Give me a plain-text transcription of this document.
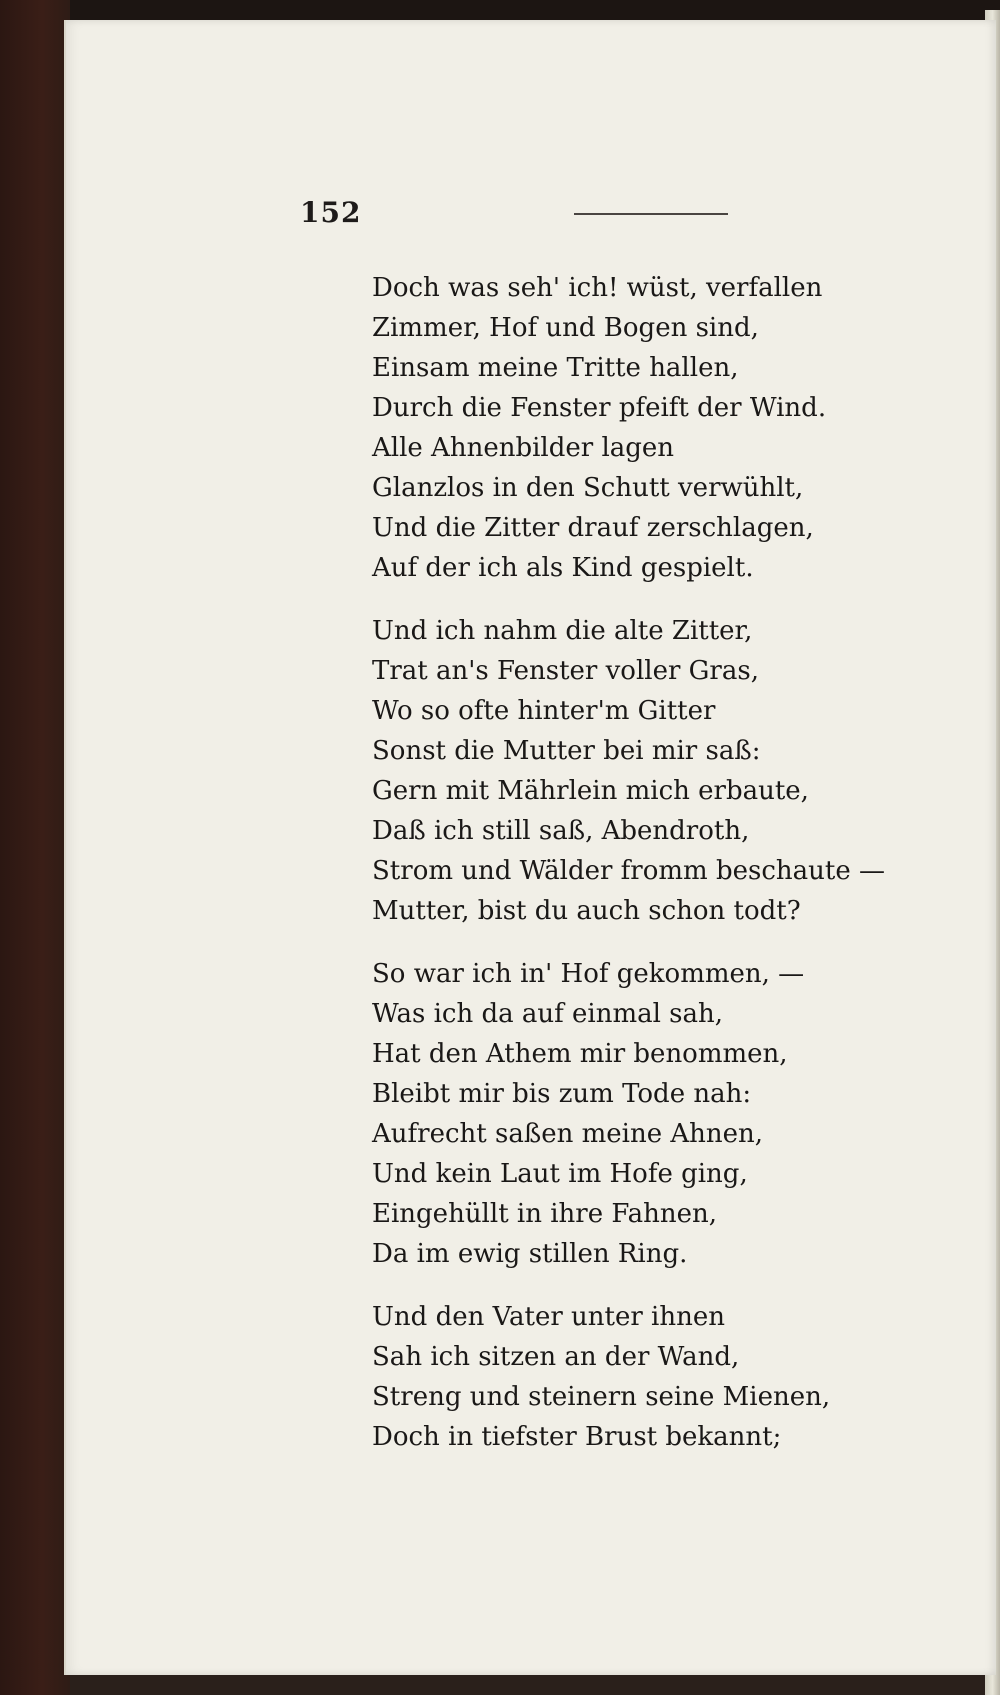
152
Doch was seh' ich! wüst, verfallen
Zimmer, Hof und Bogen sind,
Einsam meine Tritte hallen,
Durch die Fenster pfeift der Wind.
Alle Ahnenbilder lagen
Glanzlos in den Schutt verwühlt,
Und die Zitter drauf zerschlagen,
Auf der ich als Kind gespielt.
Und ich nahm die alte Zitter,
Trat an's Fenster voller Gras,
Wo so ofte hinter'm Gitter
Sonst die Mutter bei mir saß:
Gern mit Mährlein mich erbaute,
Daß ich still saß, Abendroth,
Strom und Wälder fromm beschaute —
Mutter, bist du auch schon todt?
So war ich in' Hof gekommen, —
Was ich da auf einmal sah,
Hat den Athem mir benommen,
Bleibt mir bis zum Tode nah:
Aufrecht saßen meine Ahnen,
Und kein Laut im Hofe ging,
Eingehüllt in ihre Fahnen,
Da im ewig stillen Ring.
Und den Vater unter ihnen
Sah ich sitzen an der Wand,
Streng und steinern seine Mienen,
Doch in tiefster Brust bekannt;
